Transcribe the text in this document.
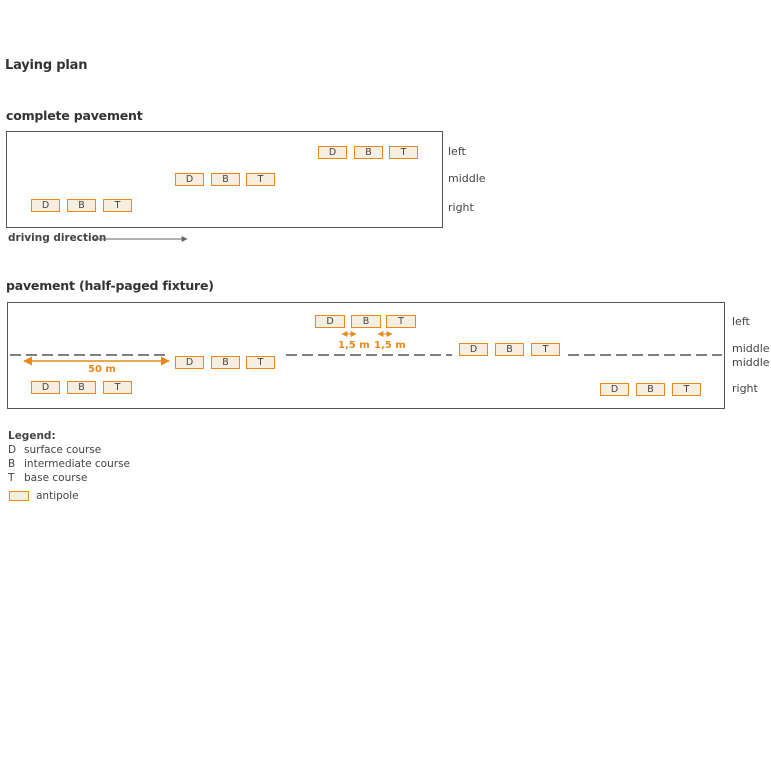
Laying plan
complete pavement
left
middle
right
D	B	T
D	B	T
D	B	T
driving direction
pavement (half-paged fixture)
left
middle
middle
right
D	B	T
D	B	T
D	B	T
D	B	T	D	B	T
50 m
1,5 m 1,5 m
Legend:
D surface course
B intermediate course
T base course
antipole
